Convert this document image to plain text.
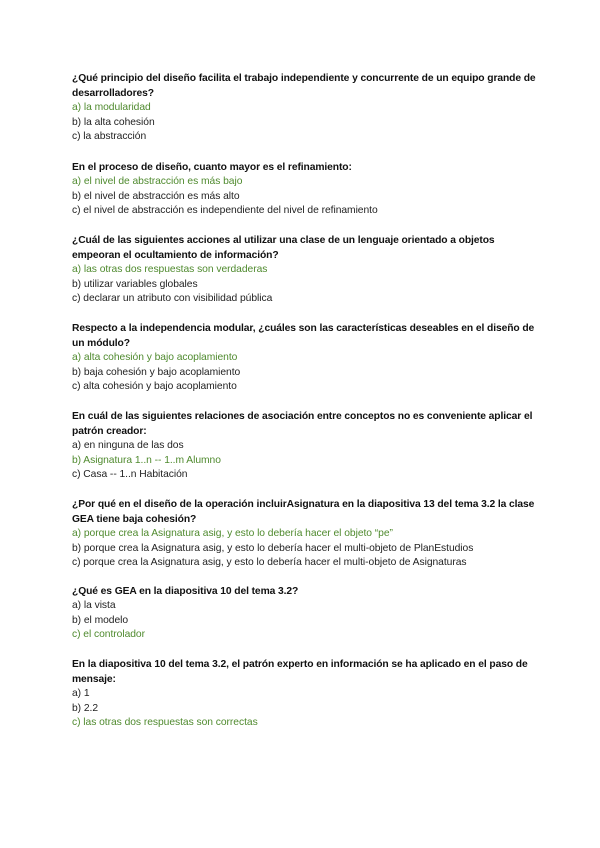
¿Qué principio del diseño facilita el trabajo independiente y concurrente de un equipo grande de desarrolladores?
a) la modularidad
b) la alta cohesión
c) la abstracción
En el proceso de diseño, cuanto mayor es el refinamiento:
a) el nivel de abstracción es más bajo
b) el nivel de abstracción es más alto
c) el nivel de abstracción es independiente del nivel de refinamiento
¿Cuál de las siguientes acciones al utilizar una clase de un lenguaje orientado a objetos empeoran el ocultamiento de información?
a) las otras dos respuestas son verdaderas
b) utilizar variables globales
c) declarar un atributo con visibilidad pública
Respecto a la independencia modular, ¿cuáles son las características deseables en el diseño de un módulo?
a) alta cohesión y bajo acoplamiento
b) baja cohesión y bajo acoplamiento
c) alta cohesión y bajo acoplamiento
En cuál de las siguientes relaciones de asociación entre conceptos no es conveniente aplicar el patrón creador:
a) en ninguna de las dos
b) Asignatura 1..n -- 1..m Alumno
c) Casa -- 1..n Habitación
¿Por qué en el diseño de la operación incluirAsignatura en la diapositiva 13 del tema 3.2 la clase GEA tiene baja cohesión?
a) porque crea la Asignatura asig, y esto lo debería hacer el objeto “pe”
b) porque crea la Asignatura asig, y esto lo debería hacer el multi-objeto de PlanEstudios
c) porque crea la Asignatura asig, y esto lo debería hacer el multi-objeto de Asignaturas
¿Qué es GEA en la diapositiva 10 del tema 3.2?
a) la vista
b) el modelo
c) el controlador
En la diapositiva 10 del tema 3.2, el patrón experto en información se ha aplicado en el paso de mensaje:
a) 1
b) 2.2
c) las otras dos respuestas son correctas
